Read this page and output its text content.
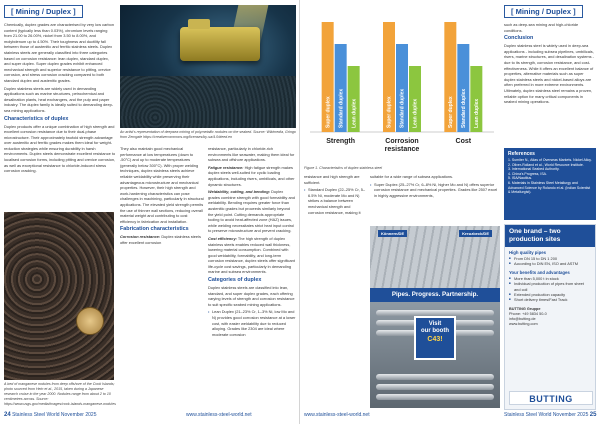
[ Mining / Duplex ]

Chemically, duplex grades are characterised by very low carbon content (typically less than 0.03%), chromium levels ranging from 21.00 to 26.00%, nickel from 3.50 to 8.00%, and molybdenum up to 4.50%. Their toughness and ductility fall between those of austenitic and ferritic stainless steels. Duplex stainless steels are generally classified into three categories based on corrosion resistance: lean duplex, standard duplex, and super duplex. Super duplex grades exhibit enhanced mechanical strength and superior resistance to pitting, crevice corrosion, and stress corrosion cracking compared to both standard duplex and austenitic grades.

Duplex stainless steels are widely used in demanding applications such as marine structures, petrochemical and desalination plants, heat exchangers, and the pulp and paper industry. The duplex family is ideally suited to demanding deep-sea mining applications.

Characteristics of duplex

Duplex products offer a unique combination of high strength and excellent corrosion resistance due to their dual-phase microstructure. Their approximately twofold strength advantage over austenitic and ferritic grades makes them ideal for weight-reduction strategies while ensuring durability in harsh environments. Duplex steels demonstrate excellent resistance to localised corrosion forms, including pitting and crevice corrosion, as well as exceptional resistance to chloride-induced stress corrosion cracking.

A bed of manganese nodules from deep offshore of the Cook Islands; photo sourced from Hein et al., 2015, taken during a Japanese research cruise in the year 2000. Nodules range from about 2 to 10 centimetres across. Source: https://www.usgs.gov/media/images/cook-islands-manganese-nodules
An artist's representation of deepsea mining of polymetallic nodules on the seabed. Source: Wikimedia, Gringo from Zemgale https://creativecommons.org/licenses/by-sa/4.0/deed.en

They also maintain good mechanical performance at low temperatures (down to -50°C) and up to moderate temperatures (generally below 300°C). With proper welding techniques, duplex stainless steels achieve reliable weldability while preserving their advantageous microstructure and mechanical properties. However, their high strength and work-hardening characteristics can pose challenges in machining, particularly in structural applications. The elevated yield strength permits the use of thinner wall sections, reducing overall material weight and contributing to cost efficiency in fabrication and installation.

Fabrication characteristics

Corrosion resistance: Duplex stainless steels offer excellent corrosion

resistance, particularly in chloride-rich environments like seawater, making them ideal for subsea and offshore applications.

Fatigue resistance: High fatigue strength makes duplex steels well-suited for cyclic loading applications, including risers, umbilicals, and other dynamic structures.

Weldability, cutting, and bending: Duplex grades combine strength with good formability and weldability. Bending requires greater force than austenitic grades but proceeds similarly beyond the yield point. Cutting demands appropriate tooling to avoid heat-affected zone (HAZ) issues, while welding necessitates strict heat input control to preserve microstructure and prevent cracking.

Cost efficiency: The high strength of duplex stainless steels enables reduced wall thickness, lowering material consumption. Combined with good weldability, formability, and long-term corrosion resistance, duplex steels offer significant life-cycle cost savings, particularly in demanding marine and subsea environments.

Categories of duplex

Duplex stainless steels are classified into lean, standard, and super duplex grades, each offering varying levels of strength and corrosion resistance to suit specific seabed mining applications.

• Lean Duplex (21–23% Cr, 1–3% Ni, low Mo and N) provides good corrosion resistance at a lower cost, with easier weldability due to reduced alloying. Grades like 2304 are ideal where moderate corrosion
24 Stainless Steel World November 2025	www.stainless-steel-world.net
[ Mining / Duplex ]
Super duplex Standard duplex Lean duplex
Strength
Super duplex Standard duplex Lean duplex
Corrosion
resistance
Super duplex Standard duplex Lean duplex
Cost
Figure 1. Characteristics of duplex stainless steel

resistance and high strength are sufficient.

• Standard Duplex (22–25% Cr, 5–6.5% Ni, moderate Mo and N) strikes a balance between mechanical strength and corrosion resistance, making it

suitable for a wide range of subsea applications.

• Super Duplex (25–27% Cr, 6–8% Ni, higher Mo and N) offers superior corrosion resistance and mechanical properties. Grades like 2507 excel in highly aggressive environments,

such as deep-sea mining and high-chloride conditions.

Conclusion

Duplex stainless steel is widely used in deep-sea applications - including subsea pipelines, umbilicals, risers, marine structures, and desalination systems - due to its strength, corrosion resistance, and cost-effectiveness. While it offers an excellent balance of properties, alternative materials such as super duplex stainless steels and nickel-based alloys are often preferred in more extreme environments. Ultimately, duplex stainless steel remains a proven, reliable option for many critical components in seabed mining operations.

References
1. Sumiter N., Atlas of Overseas Markets. Nickel Alloy.
2. Oliver-Rolland et al., World Resource Institute.
3. International Seabed Authority.
4. China's Progress, ISA.
5. ISA/Nautilus.
6. Materials in Stainless Steel Metallurgy and Advanced Science by Rolando et al. (Indian Scientist & Metallurgist).
Könnern/DE	Kreuzbeck/DE
Pipes. Progress. Partnership.
Visit
our booth
C43!
One brand – two production sites
High quality pipes
■ From DN 15 to DN 1 200
■ According to DIN EN, ISO and ASTM
Your benefits and advantages
■ More than 5,000 t in stock
■ Individual production of pipes from sheet and coil
■ Extended production capacity
■ Short delivery times/Fast Track
BUTTING Gruppe
Phone: +49 5834 50-0
info@butting.de
www.butting.com
BUTTING
www.stainless-steel-world.net	Stainless Steel World November 2025 25
